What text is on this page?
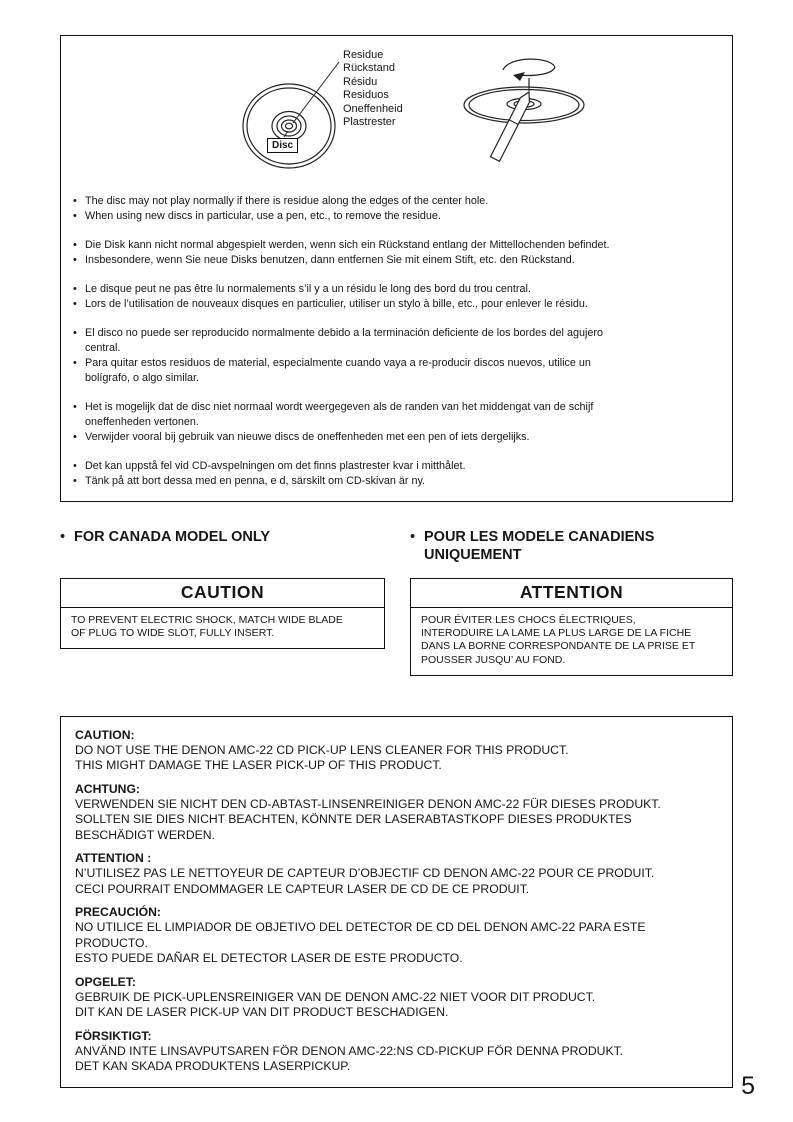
Residue
Rückstand
Résidu
Residuos
Oneffenheid
Plastrester
Disc
• The disc may not play normally if there is residue along the edges of the center hole.
• When using new discs in particular, use a pen, etc., to remove the residue.
• Die Disk kann nicht normal abgespielt werden, wenn sich ein Rückstand entlang der Mittellochenden befindet.
• Insbesondere, wenn Sie neue Disks benutzen, dann entfernen Sie mit einem Stift, etc. den Rückstand.
• Le disque peut ne pas être lu normalements s’il y a un résidu le long des bord du trou central.
• Lors de l’utilisation de nouveaux disques en particulier, utiliser un stylo à bille, etc., pour enlever le résidu.
• El disco no puede ser reproducido normalmente debido a la terminación deficiente de los bordes del agujero
central.
• Para quitar estos residuos de material, especialmente cuando vaya a re-producir discos nuevos, utilice un
bolígrafo, o algo similar.
• Het is mogelijk dat de disc niet normaal wordt weergegeven als de randen van het middengat van de schijf
oneffenheden vertonen.
• Verwijder vooral bij gebruik van nieuwe discs de oneffenheden met een pen of iets dergelijks.
• Det kan uppstå fel vid CD-avspelningen om det finns plastrester kvar i mitthålet.
• Tänk på att bort dessa med en penna, e d, särskilt om CD-skivan är ny.
• FOR CANADA MODEL ONLY	• POUR LES MODELE CANADIENS
UNIQUEMENT
CAUTION
TO PREVENT ELECTRIC SHOCK, MATCH WIDE BLADE
OF PLUG TO WIDE SLOT, FULLY INSERT.
ATTENTION
POUR ÉVITER LES CHOCS ÉLECTRIQUES,
INTERODUIRE LA LAME LA PLUS LARGE DE LA FICHE
DANS LA BORNE CORRESPONDANTE DE LA PRISE ET
POUSSER JUSQU’ AU FOND.
CAUTION:
DO NOT USE THE DENON AMC-22 CD PICK-UP LENS CLEANER FOR THIS PRODUCT.
THIS MIGHT DAMAGE THE LASER PICK-UP OF THIS PRODUCT.
ACHTUNG:
VERWENDEN SIE NICHT DEN CD-ABTAST-LINSENREINIGER DENON AMC-22 FÜR DIESES PRODUKT.
SOLLTEN SIE DIES NICHT BEACHTEN, KÖNNTE DER LASERABTASTKOPF DIESES PRODUKTES
BESCHÄDIGT WERDEN.
ATTENTION :
N’UTILISEZ PAS LE NETTOYEUR DE CAPTEUR D’OBJECTIF CD DENON AMC-22 POUR CE PRODUIT.
CECI POURRAIT ENDOMMAGER LE CAPTEUR LASER DE CD DE CE PRODUIT.
PRECAUCIÓN:
NO UTILICE EL LIMPIADOR DE OBJETIVO DEL DETECTOR DE CD DEL DENON AMC-22 PARA ESTE
PRODUCTO.
ESTO PUEDE DAÑAR EL DETECTOR LASER DE ESTE PRODUCTO.
OPGELET:
GEBRUIK DE PICK-UPLENSREINIGER VAN DE DENON AMC-22 NIET VOOR DIT PRODUCT.
DIT KAN DE LASER PICK-UP VAN DIT PRODUCT BESCHADIGEN.
FÖRSIKTIGT:
ANVÄND INTE LINSAVPUTSAREN FÖR DENON AMC-22:NS CD-PICKUP FÖR DENNA PRODUKT.
DET KAN SKADA PRODUKTENS LASERPICKUP.
5
